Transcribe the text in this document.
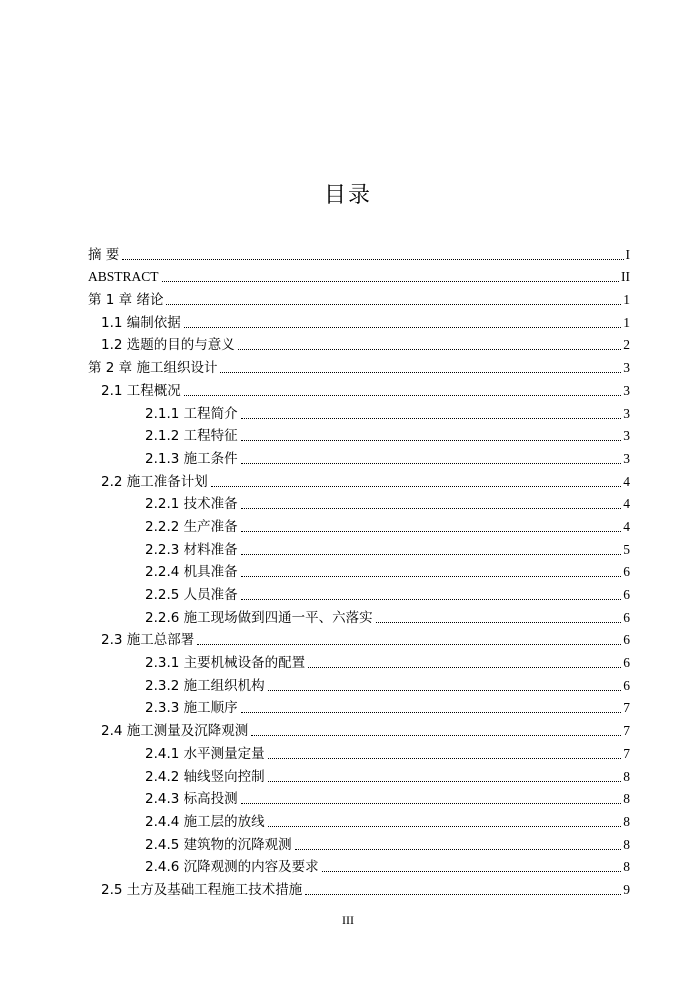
目录
摘 要	I
ABSTRACT	II
第 1 章 绪论	1
1.1 编制依据	1
1.2 选题的目的与意义	2
第 2 章 施工组织设计	3
2.1 工程概况	3
2.1.1 工程简介	3
2.1.2 工程特征	3
2.1.3 施工条件	3
2.2 施工准备计划	4
2.2.1 技术准备	4
2.2.2 生产准备	4
2.2.3 材料准备	5
2.2.4 机具准备	6
2.2.5 人员准备	6
2.2.6 施工现场做到四通一平、六落实	6
2.3 施工总部署	6
2.3.1 主要机械设备的配置	6
2.3.2 施工组织机构	6
2.3.3 施工顺序	7
2.4 施工测量及沉降观测	7
2.4.1 水平测量定量	7
2.4.2 轴线竖向控制	8
2.4.3 标高投测	8
2.4.4 施工层的放线	8
2.4.5 建筑物的沉降观测	8
2.4.6 沉降观测的内容及要求	8
2.5 土方及基础工程施工技术措施	9
III
